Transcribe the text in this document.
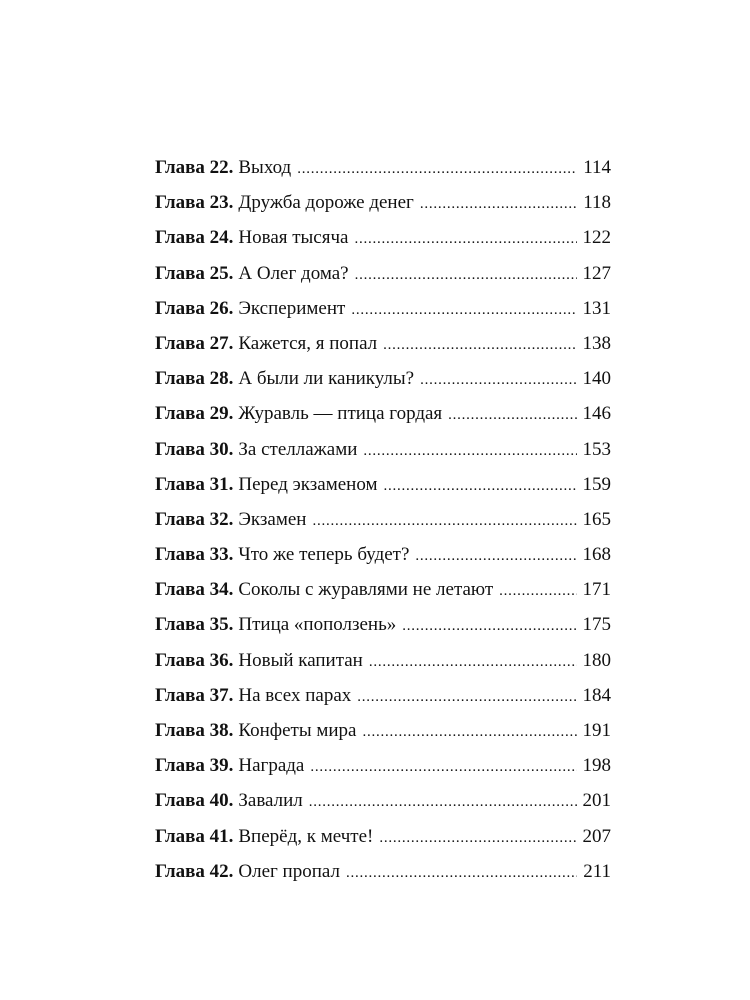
Глава 22. Выход . . .	114
Глава 23. Дружба дороже денег . . .	118
Глава 24. Новая тысяча . . .	122
Глава 25. А Олег дома? . . .	127
Глава 26. Эксперимент . . .	131
Глава 27. Кажется, я попал . . .	138
Глава 28. А были ли каникулы? . . .	140
Глава 29. Журавль — птица гордая . . .	146
Глава 30. За стеллажами . . .	153
Глава 31. Перед экзаменом . . .	159
Глава 32. Экзамен . . .	165
Глава 33. Что же теперь будет? . . .	168
Глава 34. Соколы с журавлями не летают . . .	171
Глава 35. Птица «поползень» . . .	175
Глава 36. Новый капитан . . .	180
Глава 37. На всех парах . . .	184
Глава 38. Конфеты мира . . .	191
Глава 39. Награда . . .	198
Глава 40. Завалил . . .	201
Глава 41. Вперёд, к мечте! . . .	207
Глава 42. Олег пропал . . .	211
